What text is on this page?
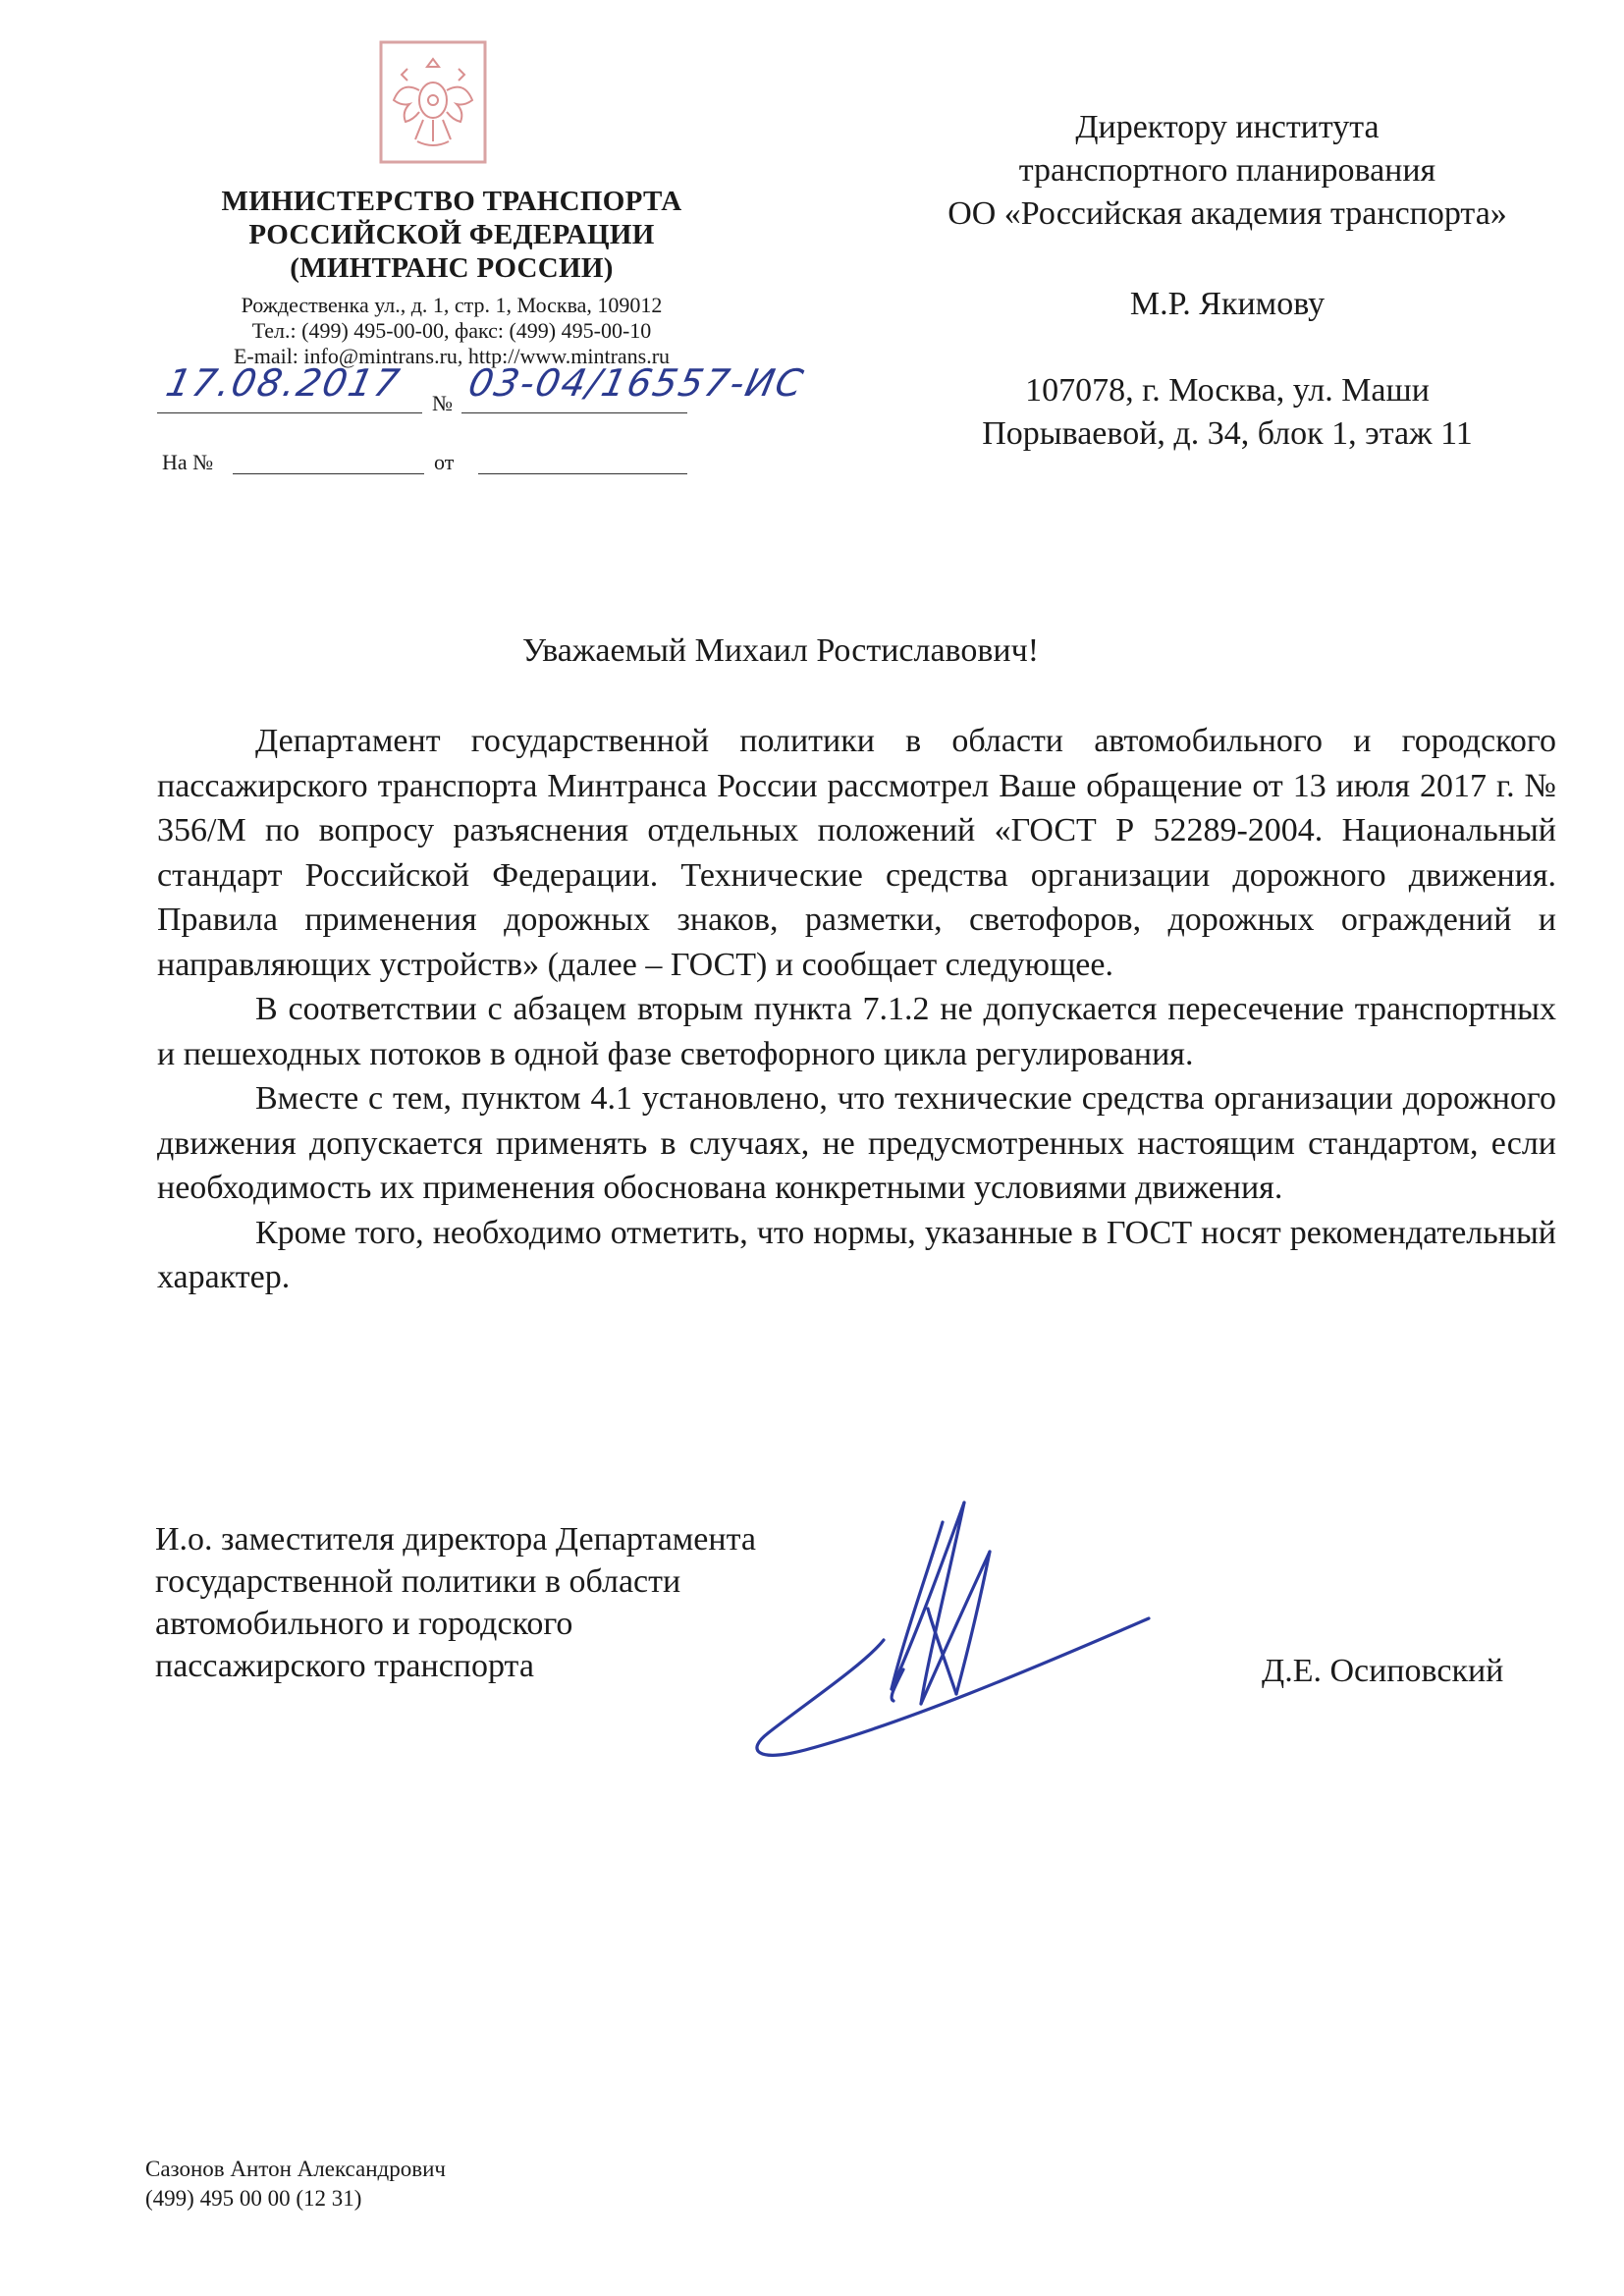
МИНИСТЕРСТВО ТРАНСПОРТА
РОССИЙСКОЙ ФЕДЕРАЦИИ
(МИНТРАНС РОССИИ)
Рождественка ул., д. 1, стр. 1, Москва, 109012
Тел.: (499) 495-00-00, факс: (499) 495-00-10
E-mail: info@mintrans.ru, http://www.mintrans.ru
17.08.2017 № 03-04/16557-ИС
На №	от
Директору института
транспортного планирования
ОО «Российская академия транспорта»
М.Р. Якимову
107078, г. Москва, ул. Маши
Порываевой, д. 34, блок 1, этаж 11
Уважаемый Михаил Ростиславович!

Департамент государственной политики в области автомобильного и городского пассажирского транспорта Минтранса России рассмотрел Ваше обращение от 13 июля 2017 г. № 356/М по вопросу разъяснения отдельных положений «ГОСТ Р 52289-2004. Национальный стандарт Российской Федерации. Технические средства организации дорожного движения. Правила применения дорожных знаков, разметки, светофоров, дорожных ограждений и направляющих устройств» (далее – ГОСТ) и сообщает следующее.

В соответствии с абзацем вторым пункта 7.1.2 не допускается пересечение транспортных и пешеходных потоков в одной фазе светофорного цикла регулирования.

Вместе с тем, пунктом 4.1 установлено, что технические средства организации дорожного движения допускается применять в случаях, не предусмотренных настоящим стандартом, если необходимость их применения обоснована конкретными условиями движения.

Кроме того, необходимо отметить, что нормы, указанные в ГОСТ носят рекомендательный характер.

И.о. заместителя директора Департамента
государственной политики в области
автомобильного и городского
пассажирского транспорта	Д.Е. Осиповский
Сазонов Антон Александрович
(499) 495 00 00 (12 31)
